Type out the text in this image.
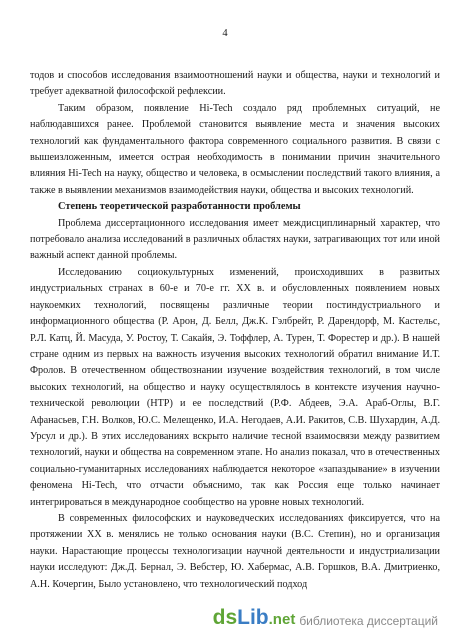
4

тодов и способов исследования взаимоотношений науки и общества, науки и технологий и требует адекватной философской рефлексии.

Таким образом, появление Hi-Tech создало ряд проблемных ситуаций, не наблюдавшихся ранее. Проблемой становится выявление места и значения высоких технологий как фундаментального фактора современного социального развития. В связи с вышеизложенным, имеется острая необходимость в понимании причин значительного влияния Hi-Tech на науку, общество и человека, в осмыслении последствий такого влияния, а также в выявлении механизмов взаимодействия науки, общества и высоких технологий.

Степень теоретической разработанности проблемы

Проблема диссертационного исследования имеет междисциплинарный характер, что потребовало анализа исследований в различных областях науки, затрагивающих тот или иной важный аспект данной проблемы.

Исследованию социокультурных изменений, происходивших в развитых индустриальных странах в 60-е и 70-е гг. XX в. и обусловленных появлением новых наукоемких технологий, посвящены различные теории постиндустриального и информационного общества (Р. Арон, Д. Белл, Дж.К. Гэлбрейт, Р. Дарендорф, М. Кастельс, Р.Л. Катц, Й. Масуда, У. Ростоу, Т. Сакайя, Э. Тоффлер, А. Турен, Т. Форестер и др.). В нашей стране одним из первых на важность изучения высоких технологий обратил внимание И.Т. Фролов. В отечественном обществознании изучение воздействия технологий, в том числе высоких технологий, на общество и науку осуществлялось в контексте изучения научно-технической революции (НТР) и ее последствий (Р.Ф. Абдеев, Э.А. Араб-Оглы, В.Г. Афанасьев, Г.Н. Волков, Ю.С. Мелещенко, И.А. Негодаев, А.И. Ракитов, С.В. Шухардин, А.Д. Урсул и др.). В этих исследованиях вскрыто наличие тесной взаимосвязи между развитием технологий, науки и общества на современном этапе. Но анализ показал, что в отечественных социально-гуманитарных исследованиях наблюдается некоторое «запаздывание» в изучении феномена Hi-Tech, что отчасти объяснимо, так как Россия еще только начинает интегрироваться в международное сообщество на уровне новых технологий.

В современных философских и науковедческих исследованиях фиксируется, что на протяжении XX в. менялись не только основания науки (В.С. Степин), но и организация науки. Нарастающие процессы технологизации научной деятельности и индустриализации науки исследуют: Дж.Д. Бернал, Э. Вебстер, Ю. Хабермас, А.В. Горшков, В.А. Дмитриенко, А.Н. Кочергин, Было установлено, что технологический подход

ds Lib .net библиотека диссертаций
